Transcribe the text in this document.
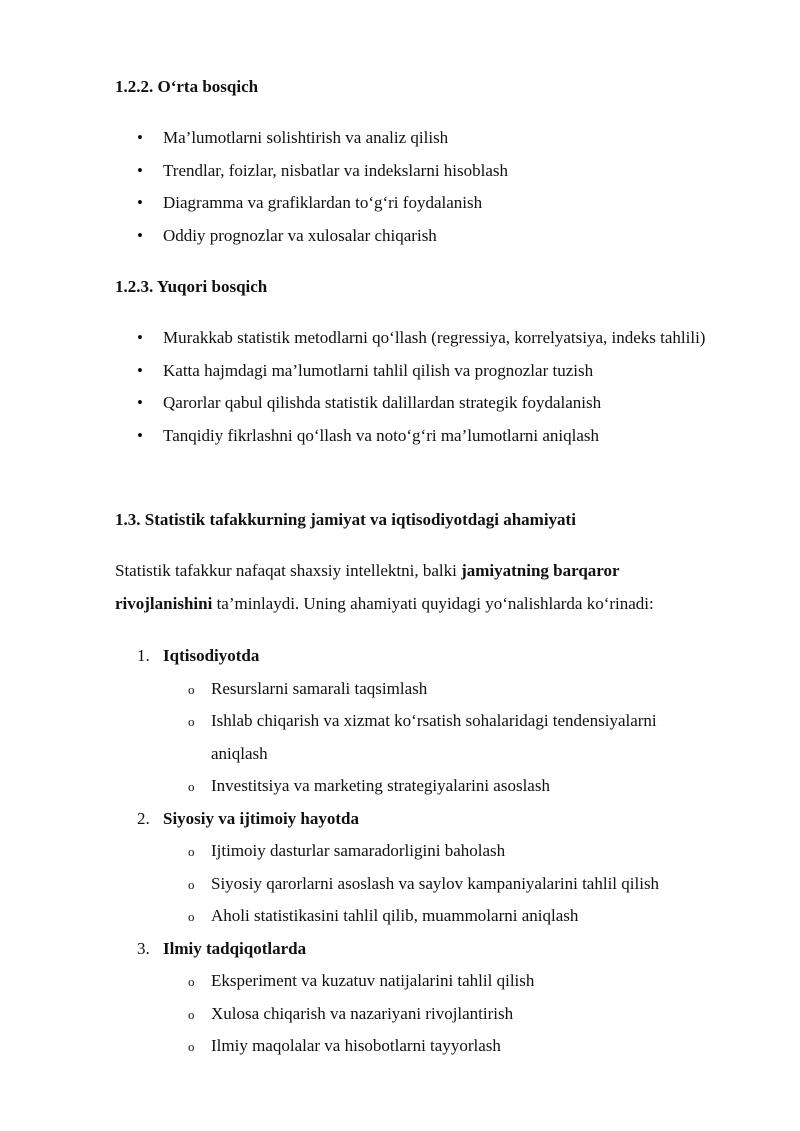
1.2.2. O‘rta bosqich
• Ma’lumotlarni solishtirish va analiz qilish
• Trendlar, foizlar, nisbatlar va indekslarni hisoblash
• Diagramma va grafiklardan to‘g‘ri foydalanish
• Oddiy prognozlar va xulosalar chiqarish
1.2.3. Yuqori bosqich
• Murakkab statistik metodlarni qo‘llash (regressiya, korrelyatsiya, indeks tahlili)
• Katta hajmdagi ma’lumotlarni tahlil qilish va prognozlar tuzish
• Qarorlar qabul qilishda statistik dalillardan strategik foydalanish
• Tanqidiy fikrlashni qo‘llash va noto‘g‘ri ma’lumotlarni aniqlash
1.3. Statistik tafakkurning jamiyat va iqtisodiyotdagi ahamiyati

Statistik tafakkur nafaqat shaxsiy intellektni, balki jamiyatning barqaror rivojlanishini ta’minlaydi. Uning ahamiyati quyidagi yo‘nalishlarda ko‘rinadi:

1. Iqtisodiyotda
o Resurslarni samarali taqsimlash
o Ishlab chiqarish va xizmat ko‘rsatish sohalaridagi tendensiyalarni aniqlash
o Investitsiya va marketing strategiyalarini asoslash
2. Siyosiy va ijtimoiy hayotda
o Ijtimoiy dasturlar samaradorligini baholash
o Siyosiy qarorlarni asoslash va saylov kampaniyalarini tahlil qilish
o Aholi statistikasini tahlil qilib, muammolarni aniqlash
3. Ilmiy tadqiqotlarda
o Eksperiment va kuzatuv natijalarini tahlil qilish
o Xulosa chiqarish va nazariyani rivojlantirish
o Ilmiy maqolalar va hisobotlarni tayyorlash
